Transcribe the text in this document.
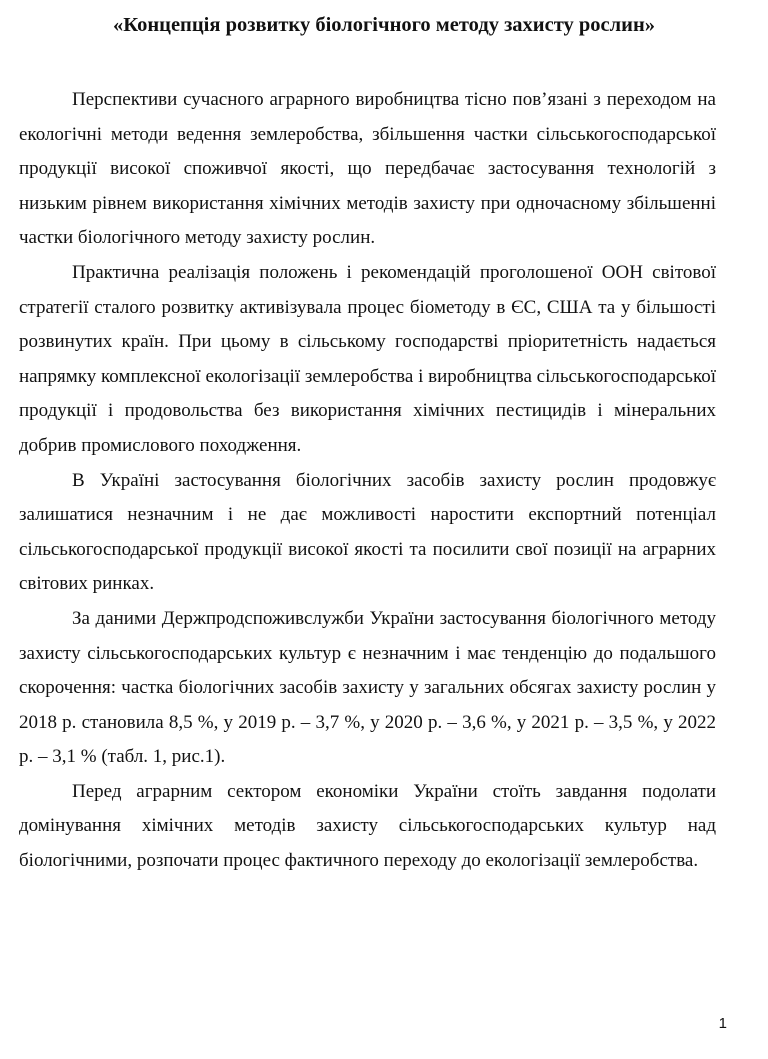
«Концепція розвитку біологічного методу захисту рослин»

Перспективи сучасного аграрного виробництва тісно пов’язані з переходом на екологічні методи ведення землеробства, збільшення частки сільськогосподарської продукції високої споживчої якості, що передбачає застосування технологій з низьким рівнем використання хімічних методів захисту при одночасному збільшенні частки біологічного методу захисту рослин.

Практична реалізація положень і рекомендацій проголошеної ООН світової стратегії сталого розвитку активізувала процес біометоду в ЄС, США та у більшості розвинутих країн. При цьому в сільському господарстві пріоритетність надається напрямку комплексної екологізації землеробства і виробництва сільськогосподарської продукції і продовольства без використання хімічних пестицидів і мінеральних добрив промислового походження.

В Україні застосування біологічних засобів захисту рослин продовжує залишатися незначним і не дає можливості наростити експортний потенціал сільськогосподарської продукції високої якості та посилити свої позиції на аграрних світових ринках.

За даними Держпродспоживслужби України застосування біологічного методу захисту сільськогосподарських культур є незначним і має тенденцію до подальшого скорочення: частка біологічних засобів захисту у загальних обсягах захисту рослин у 2018 р. становила 8,5 %, у 2019 р. – 3,7 %, у 2020 р. – 3,6 %, у 2021 р. – 3,5 %, у 2022 р. – 3,1 % (табл. 1, рис.1).

Перед аграрним сектором економіки України стоїть завдання подолати домінування хімічних методів захисту сільськогосподарських культур над біологічними, розпочати процес фактичного переходу до екологізації землеробства.

1
